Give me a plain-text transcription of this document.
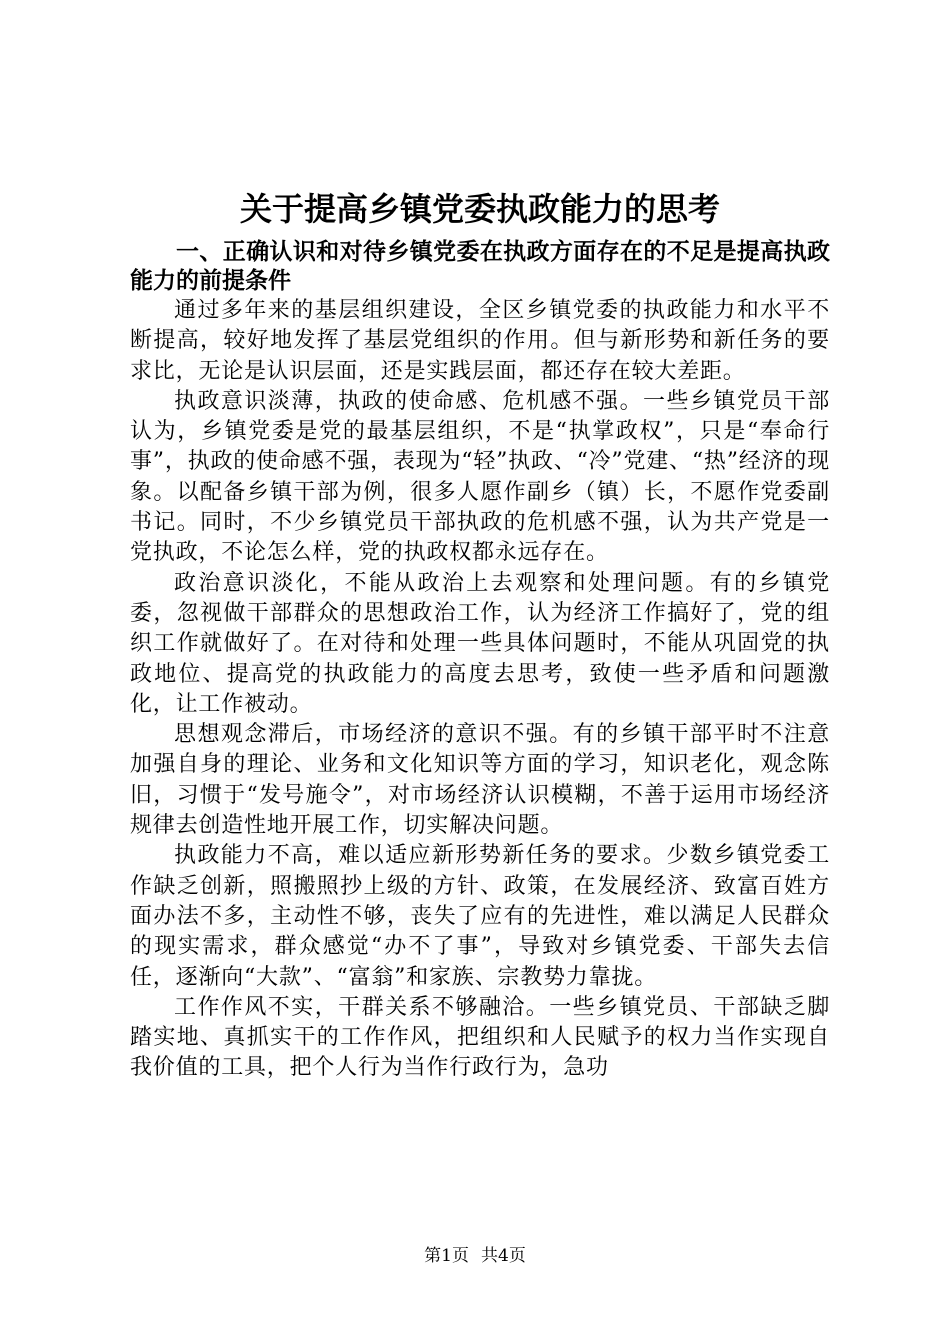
关于提高乡镇党委执政能力的思考

一、正确认识和对待乡镇党委在执政方面存在的不足是提高执政能力的前提条件

通过多年来的基层组织建设，全区乡镇党委的执政能力和水平不断提高，较好地发挥了基层党组织的作用。但与新形势和新任务的要求比，无论是认识层面，还是实践层面，都还存在较大差距。

执政意识淡薄，执政的使命感、危机感不强。一些乡镇党员干部认为，乡镇党委是党的最基层组织，不是“执掌政权”，只是“奉命行事”，执政的使命感不强，表现为“轻”执政、“冷”党建、“热”经济的现象。以配备乡镇干部为例，很多人愿作副乡（镇）长，不愿作党委副书记。同时，不少乡镇党员干部执政的危机感不强，认为共产党是一党执政，不论怎么样，党的执政权都永远存在。

政治意识淡化，不能从政治上去观察和处理问题。有的乡镇党委，忽视做干部群众的思想政治工作，认为经济工作搞好了，党的组织工作就做好了。在对待和处理一些具体问题时，不能从巩固党的执政地位、提高党的执政能力的高度去思考，致使一些矛盾和问题激化，让工作被动。

思想观念滞后，市场经济的意识不强。有的乡镇干部平时不注意加强自身的理论、业务和文化知识等方面的学习，知识老化，观念陈旧，习惯于“发号施令”，对市场经济认识模糊，不善于运用市场经济规律去创造性地开展工作，切实解决问题。

执政能力不高，难以适应新形势新任务的要求。少数乡镇党委工作缺乏创新，照搬照抄上级的方针、政策，在发展经济、致富百姓方面办法不多，主动性不够，丧失了应有的先进性，难以满足人民群众的现实需求，群众感觉“办不了事”，导致对乡镇党委、干部失去信任，逐渐向“大款”、“富翁”和家族、宗教势力靠拢。

工作作风不实，干群关系不够融洽。一些乡镇党员、干部缺乏脚踏实地、真抓实干的工作作风，把组织和人民赋予的权力当作实现自我价值的工具，把个人行为当作行政行为，急功

第1页 共4页
